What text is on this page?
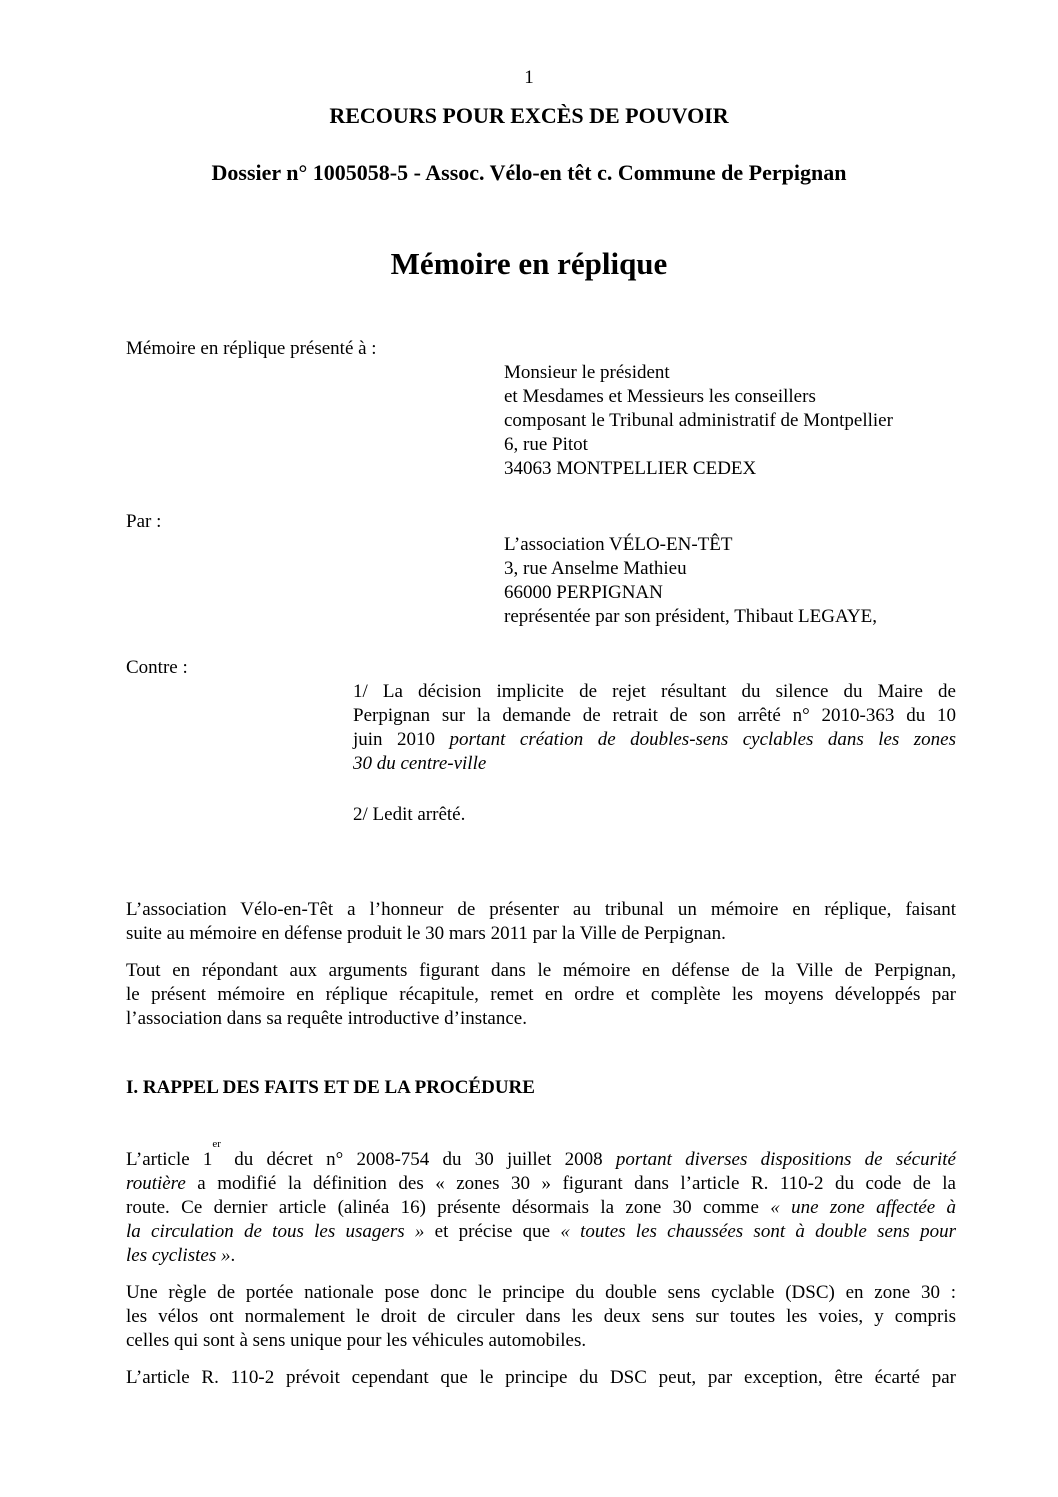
1
RECOURS POUR EXCÈS DE POUVOIR
Dossier n° 1005058-5 - Assoc. Vélo-en têt c. Commune de Perpignan
Mémoire en réplique
Mémoire en réplique présenté à :
Monsieur le président
et Mesdames et Messieurs les conseillers
composant le Tribunal administratif de Montpellier
6, rue Pitot
34063 MONTPELLIER CEDEX
Par :
L’association VÉLO-EN-TÊT
3, rue Anselme Mathieu
66000 PERPIGNAN
représentée par son président, Thibaut LEGAYE,
Contre :
1/ La décision implicite de rejet résultant du silence du Maire de
Perpignan sur la demande de retrait de son arrêté n° 2010-363 du 10
juin 2010 portant création de doubles-sens cyclables dans les zones
30 du centre-ville
2/ Ledit arrêté.
L’association Vélo-en-Têt a l’honneur de présenter au tribunal un mémoire en réplique, faisant
suite au mémoire en défense produit le 30 mars 2011 par la Ville de Perpignan.
Tout en répondant aux arguments figurant dans le mémoire en défense de la Ville de Perpignan,
le présent mémoire en réplique récapitule, remet en ordre et complète les moyens développés par
l’association dans sa requête introductive d’instance.
I. RAPPEL DES FAITS ET DE LA PROCÉDURE
L’article 1er du décret n° 2008-754 du 30 juillet 2008 portant diverses dispositions de sécurité
routière a modifié la définition des « zones 30 » figurant dans l’article R. 110-2 du code de la
route. Ce dernier article (alinéa 16) présente désormais la zone 30 comme « une zone affectée à
la circulation de tous les usagers » et précise que « toutes les chaussées sont à double sens pour
les cyclistes ».
Une règle de portée nationale pose donc le principe du double sens cyclable (DSC) en zone 30 :
les vélos ont normalement le droit de circuler dans les deux sens sur toutes les voies, y compris
celles qui sont à sens unique pour les véhicules automobiles.
L’article R. 110-2 prévoit cependant que le principe du DSC peut, par exception, être écarté par
